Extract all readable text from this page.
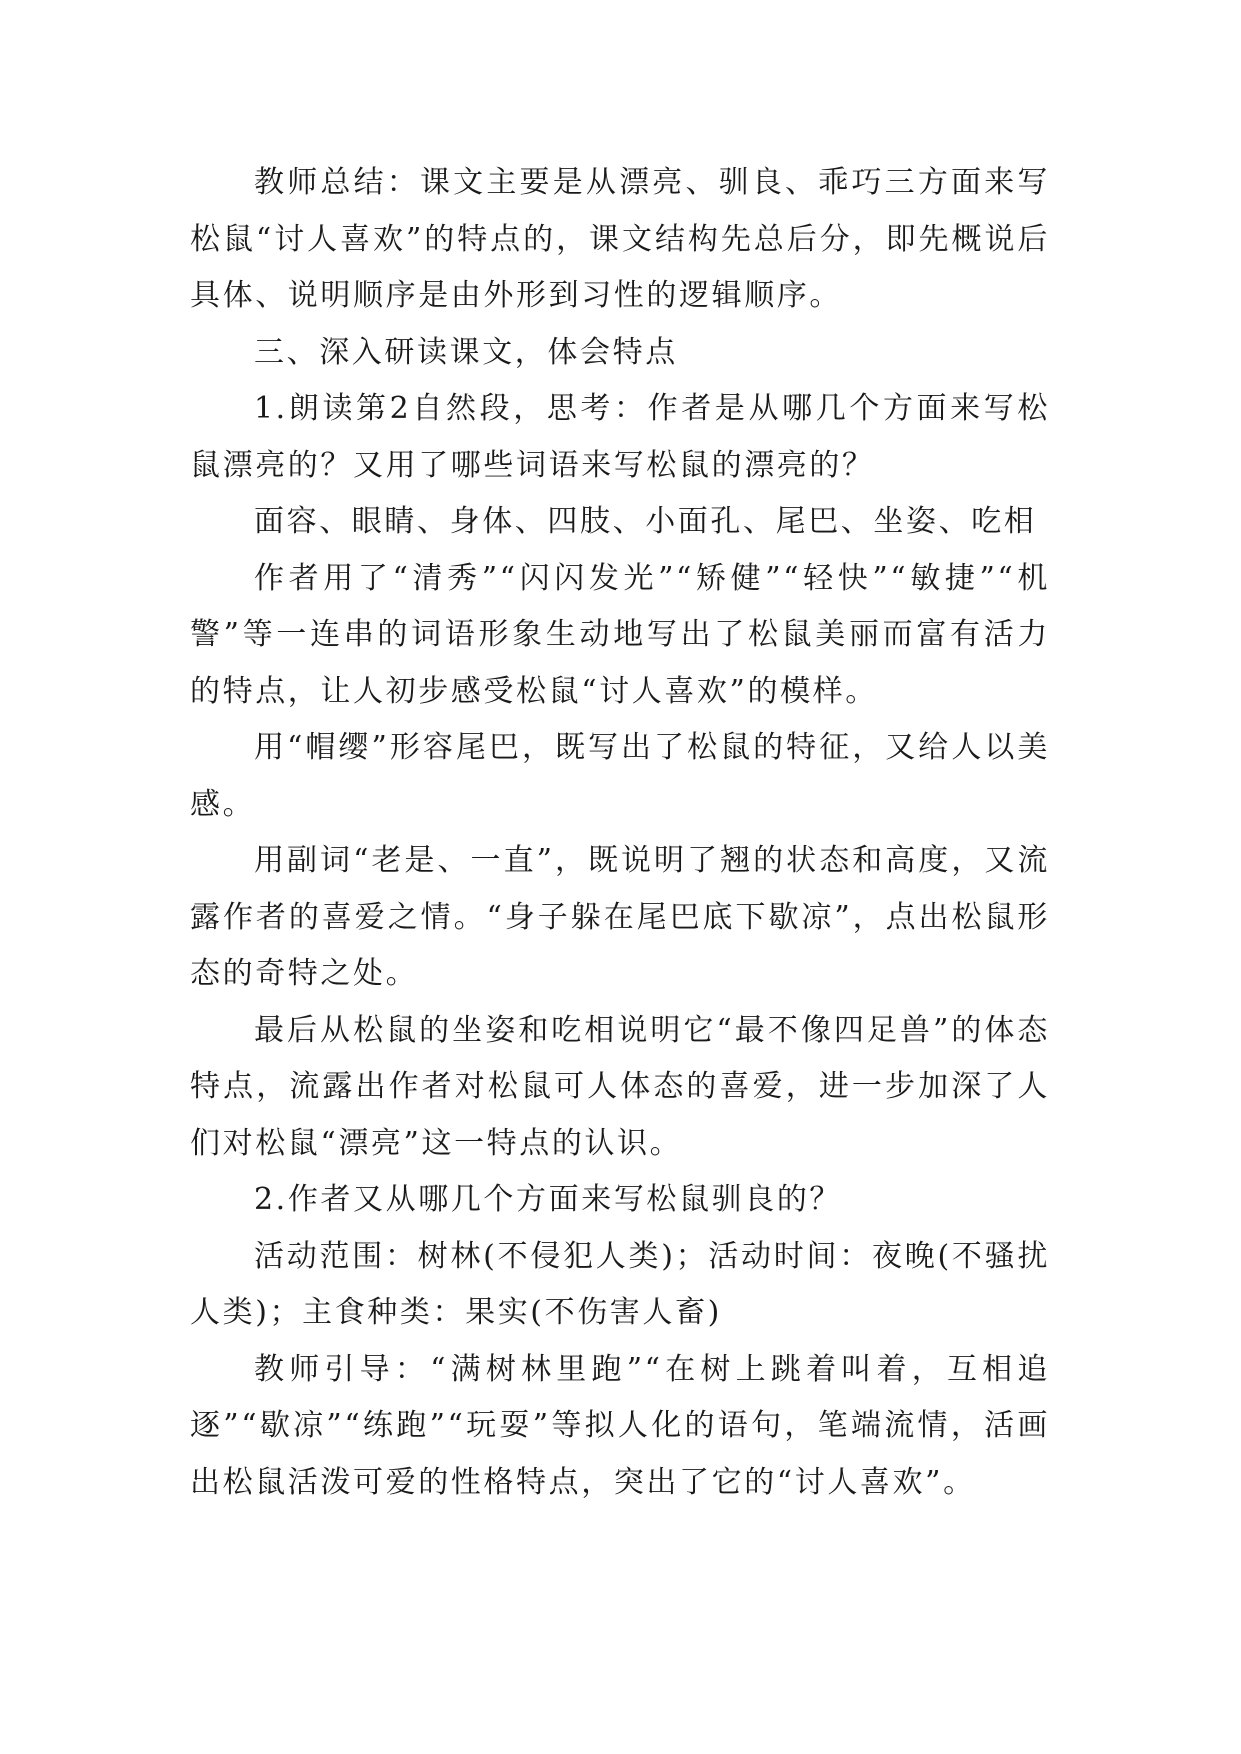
教师总结：课文主要是从漂亮、驯良、乖巧三方面来写松鼠“讨人喜欢”的特点的，课文结构先总后分，即先概说后具体、说明顺序是由外形到习性的逻辑顺序。

三、深入研读课文，体会特点

1.朗读第2自然段，思考：作者是从哪几个方面来写松鼠漂亮的？又用了哪些词语来写松鼠的漂亮的？

面容、眼睛、身体、四肢、小面孔、尾巴、坐姿、吃相

作者用了“清秀”“闪闪发光”“矫健”“轻快”“敏捷”“机警”等一连串的词语形象生动地写出了松鼠美丽而富有活力的特点，让人初步感受松鼠“讨人喜欢”的模样。

用“帽缨”形容尾巴，既写出了松鼠的特征，又给人以美感。

用副词“老是、一直”，既说明了翘的状态和高度，又流露作者的喜爱之情。“身子躲在尾巴底下歇凉”，点出松鼠形态的奇特之处。

最后从松鼠的坐姿和吃相说明它“最不像四足兽”的体态特点，流露出作者对松鼠可人体态的喜爱，进一步加深了人们对松鼠“漂亮”这一特点的认识。

2.作者又从哪几个方面来写松鼠驯良的？

活动范围：树林(不侵犯人类)；活动时间：夜晚(不骚扰人类)；主食种类：果实(不伤害人畜)

教师引导：“满树林里跑”“在树上跳着叫着，互相追逐”“歇凉”“练跑”“玩耍”等拟人化的语句，笔端流情，活画出松鼠活泼可爱的性格特点，突出了它的“讨人喜欢”。
